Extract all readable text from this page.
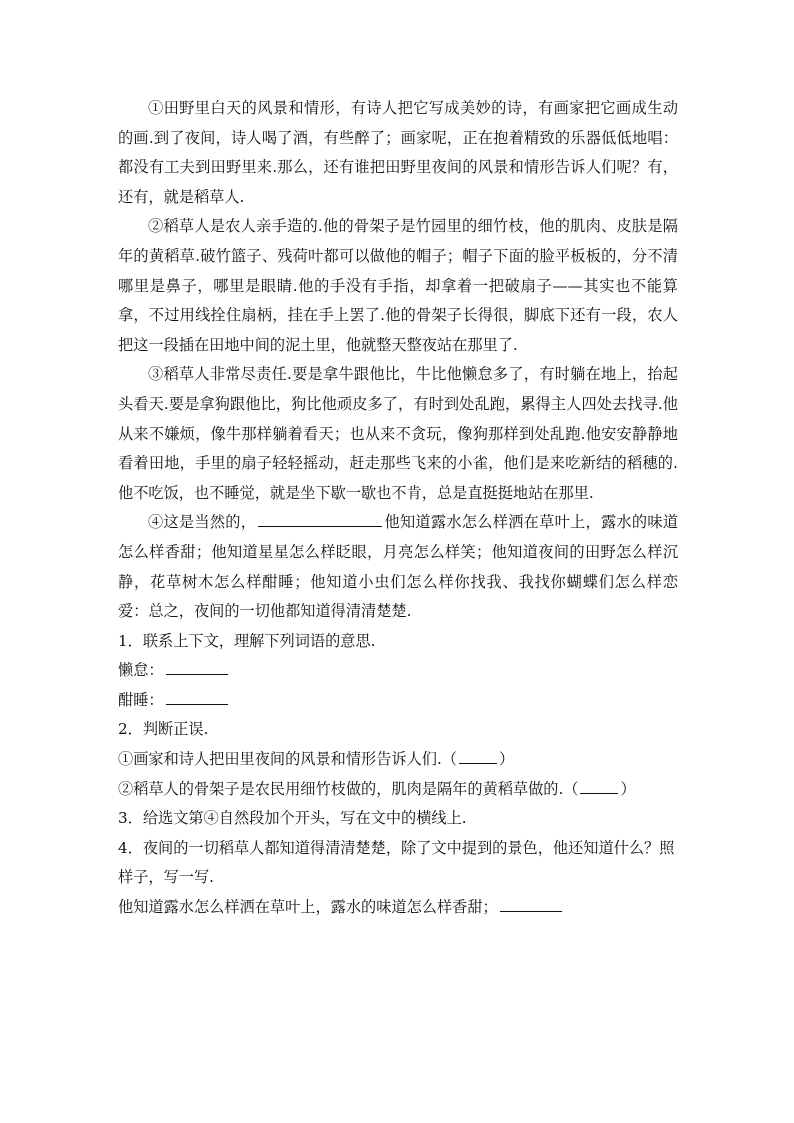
①田野里白天的风景和情形，有诗人把它写成美妙的诗，有画家把它画成生动的画.到了夜间，诗人喝了酒，有些醉了；画家呢，正在抱着精致的乐器低低地唱：都没有工夫到田野里来.那么，还有谁把田野里夜间的风景和情形告诉人们呢？有，还有，就是稻草人.

②稻草人是农人亲手造的.他的骨架子是竹园里的细竹枝，他的肌肉、皮肤是隔年的黄稻草.破竹篮子、残荷叶都可以做他的帽子；帽子下面的脸平板板的，分不清哪里是鼻子，哪里是眼睛.他的手没有手指，却拿着一把破扇子——其实也不能算拿，不过用线拴住扇柄，挂在手上罢了.他的骨架子长得很，脚底下还有一段，农人把这一段插在田地中间的泥土里，他就整天整夜站在那里了.

③稻草人非常尽责任.要是拿牛跟他比，牛比他懒怠多了，有时躺在地上，抬起头看天.要是拿狗跟他比，狗比他顽皮多了，有时到处乱跑，累得主人四处去找寻.他从来不嫌烦，像牛那样躺着看天；也从来不贪玩，像狗那样到处乱跑.他安安静静地看着田地，手里的扇子轻轻摇动，赶走那些飞来的小雀，他们是来吃新结的稻穗的.他不吃饭，也不睡觉，就是坐下歇一歇也不肯，总是直挺挺地站在那里.

④这是当然的，	他知道露水怎么样洒在草叶上，露水的味道怎么样香甜；他知道星星怎么样眨眼，月亮怎么样笑；他知道夜间的田野怎么样沉静，花草树木怎么样酣睡；他知道小虫们怎么样你找我、我找你蝴蝶们怎么样恋爱：总之，夜间的一切他都知道得清清楚楚.

1．联系上下文，理解下列词语的意思.

懒怠：

酣睡：

2．判断正误.

①画家和诗人把田里夜间的风景和情形告诉人们.（	）

②稻草人的骨架子是农民用细竹枝做的，肌肉是隔年的黄稻草做的.（	）

3．给选文第④自然段加个开头，写在文中的横线上.

4．夜间的一切稻草人都知道得清清楚楚，除了文中提到的景色，他还知道什么？照样子，写一写.

他知道露水怎么样洒在草叶上，露水的味道怎么样香甜；
